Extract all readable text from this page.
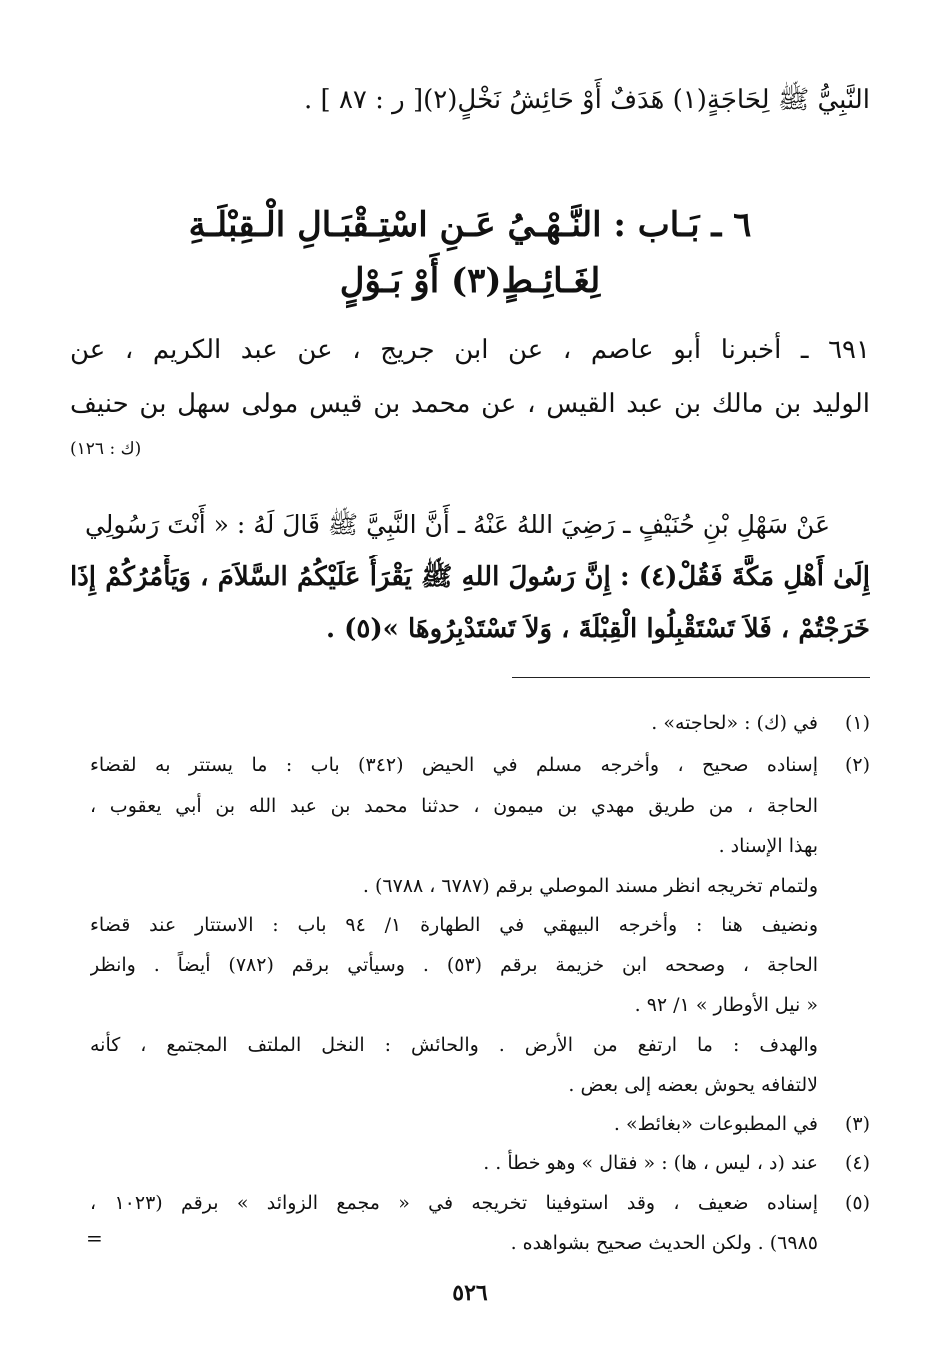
النَّبِيُّ ﷺ لِحَاجَةٍ(١) هَدَفٌ أَوْ حَائِشُ نَخْلٍ(٢)[ ر : ٨٧ ] .
٦ ـ بَـاب : النَّـهْـيُ عَـنِ اسْتِـقْبَـالِ الْـقِبْلَـةِ
لِغَـائِـطٍ(٣) أَوْ بَـوْلٍ
٦٩١ ـ أخبرنا أبو عاصم ، عن ابن جريج ، عن عبد الكريم ، عن
الوليد بن مالك بن عبد القيس ، عن محمد بن قيس مولى سهل بن حنيف
(ك : ١٢٦)
عَنْ سَهْلِ بْنِ حُنَيْفٍ ـ رَضِيَ اللهُ عَنْهُ ـ أَنَّ النَّبِيَّ ﷺ قَالَ لَهُ : « أَنْتَ رَسُولِي
إِلَىٰ أَهْلِ مَكَّةَ فَقُلْ(٤) : إِنَّ رَسُولَ اللهِ ﷺ يَقْرَأُ عَلَيْكُمُ السَّلاَمَ ، وَيَأْمُرُكُمْ إِذَا
خَرَجْتُمْ ، فَلاَ تَسْتَقْبِلُوا الْقِبْلَةَ ، وَلاَ تَسْتَدْبِرُوهَا »(٥) .
(١)
في (ك) : «لحاجته» .
(٢)
إسناده صحيح ، وأخرجه مسلم في الحيض (٣٤٢) باب : ما يستتر به لقضاء
الحاجة ، من طريق مهدي بن ميمون ، حدثنا محمد بن عبد الله بن أبي يعقوب ،
بهذا الإسناد .
ولتمام تخريجه انظر مسند الموصلي برقم (٦٧٨٧ ، ٦٧٨٨) .
ونضيف هنا : وأخرجه البيهقي في الطهارة ١/ ٩٤ باب : الاستتار عند قضاء
الحاجة ، وصححه ابن خزيمة برقم (٥٣) . وسيأتي برقم (٧٨٢) أيضاً . وانظر
« نيل الأوطار » ١/ ٩٢ .
والهدف : ما ارتفع من الأرض . والحائش : النخل الملتف المجتمع ، كأنه
لالتفافه يحوش بعضه إلى بعض .
(٣)
في المطبوعات «بغائط» .
(٤)
عند (د ، ليس ، ها) : « فقال » وهو خطأ . .
(٥)
إسناده ضعيف ، وقد استوفينا تخريجه في « مجمع الزوائد » برقم (١٠٢٣ ،
٦٩٨٥) . ولكن الحديث صحيح بشواهده .
=
٥٢٦
